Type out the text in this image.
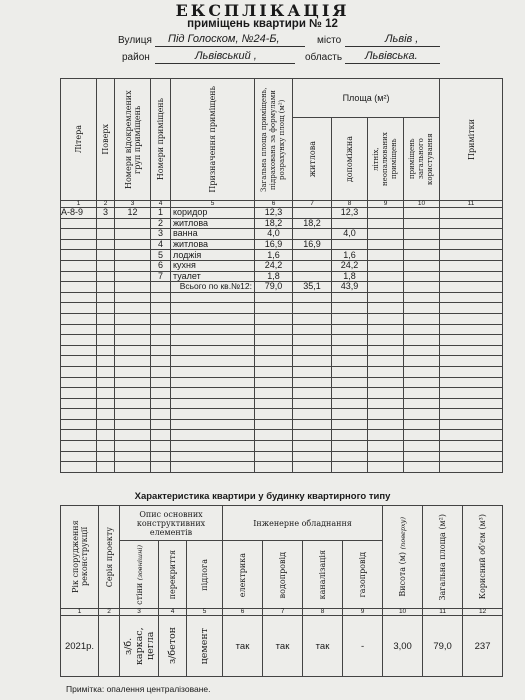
ЕКСПЛІКАЦІЯ
приміщень квартири № 12
Вулиця Під Голоском, №24-Б,	місто	Львів ,
район	Львівський ,	область Львівська.
Літера	Поверх	Номери відокремлених груп приміщень	Номери приміщень	Призначення приміщень	Загальна площа приміщень, підрахована за формулами розрахунку площ (м²)	Площа (м²)				Примітки

						житлова	допоміжна	літніх, неопалюваних приміщень	приміщень загального користування	

1	2	3	4	5	6	7	8	9	10	11
А-8-9	3	12	1	коридор	12,3		12,3			
			2	житлова	18,2	18,2				
			3	ванна	4,0		4,0			
			4	житлова	16,9	16,9				
			5	лоджія	1,6		1,6			
			6	кухня	24,2		24,2			
			7	туалет	1,8		1,8			
				Всього по кв.№12:	79,0	35,1	43,9			

Характеристика квартири у будинку квартирного типу
Рік спорудження реконструкції	Серія проекту	Опис основних конструктивних елементів			Інженерне обладнання				Висота (м) (поверху)	Загальна площа (м²)	Корисний об'єм (м³)

		стіни (зовнішні)	перекриття	підлога	електрика	водопровід	каналізація	газопровід			

1	2	3	4	5	6	7	8	9	10	11	12
2021р.		з/б. каркас, цегла	з/бетон	цемент	так	так	так	-	3,00	79,0	237
Примітка: опалення централізоване.
